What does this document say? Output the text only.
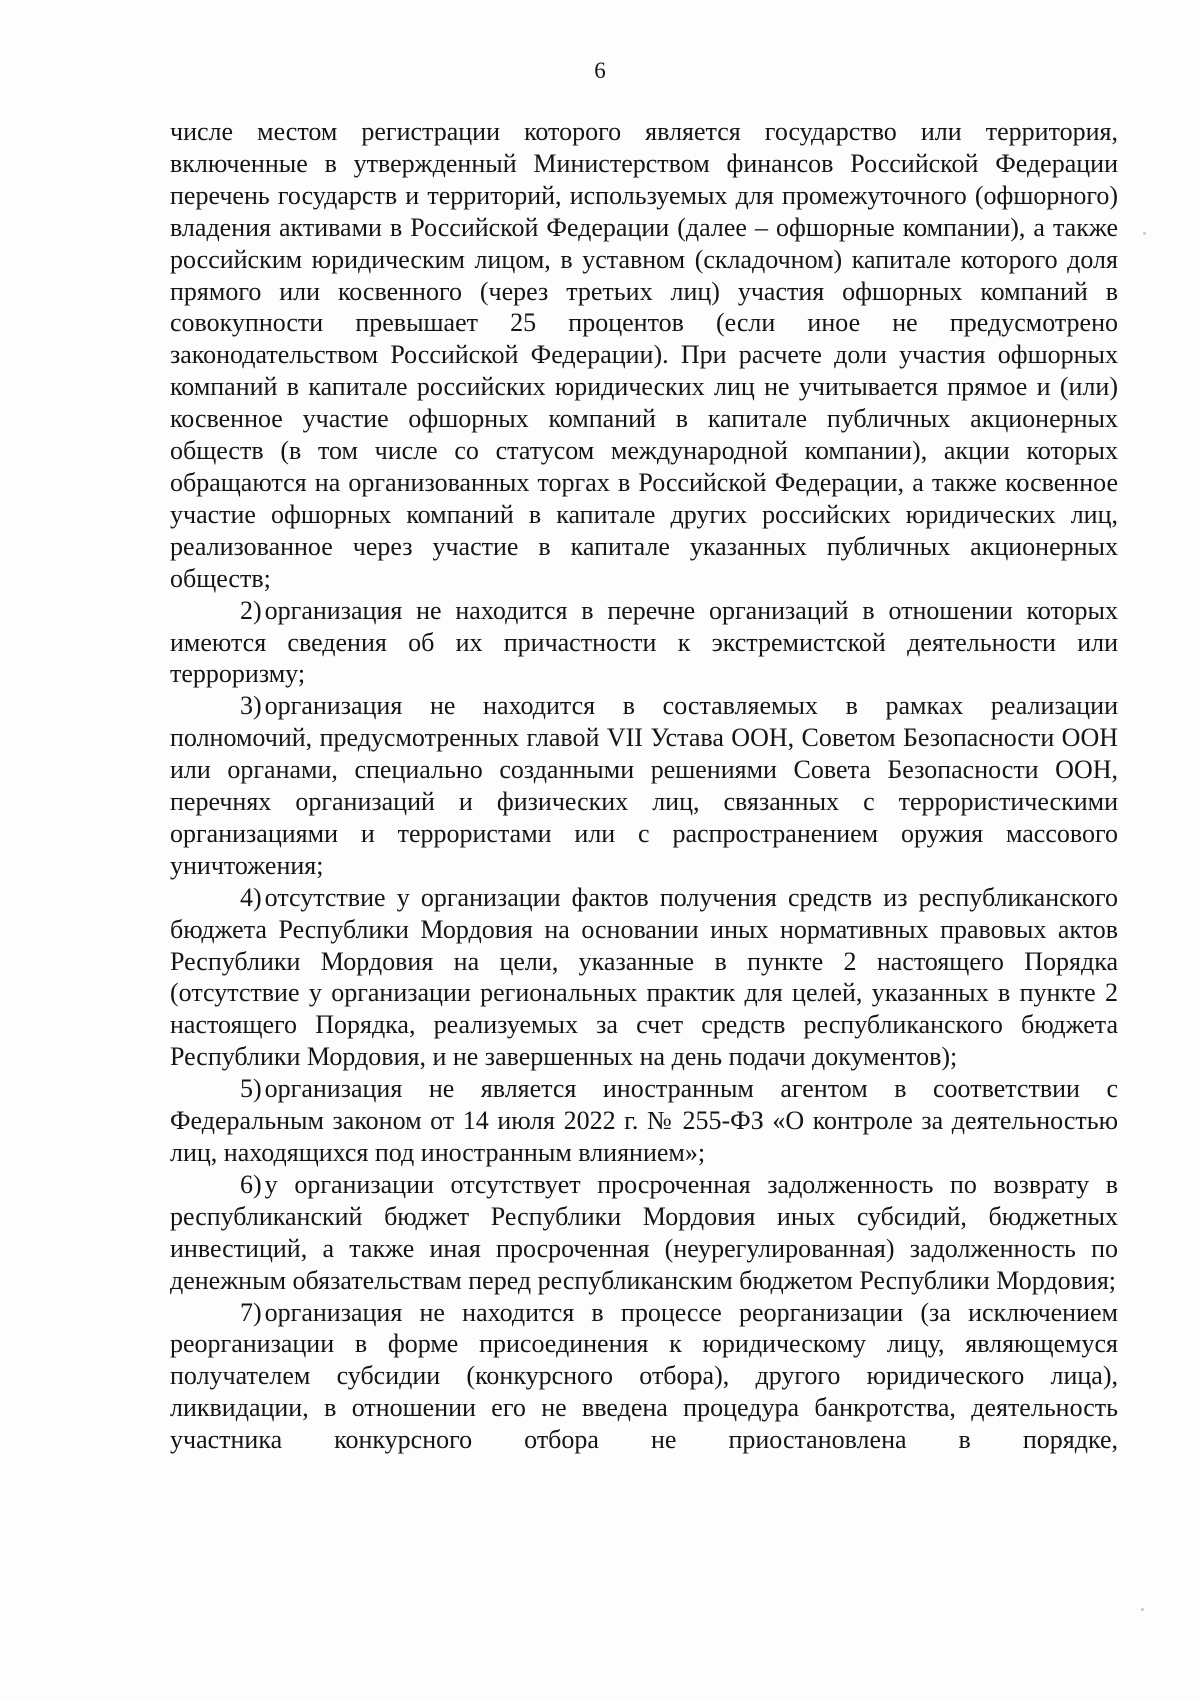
6

числе местом регистрации которого является государство или территория, включенные в утвержденный Министерством финансов Российской Федерации перечень государств и территорий, используемых для промежуточного (офшорного) владения активами в Российской Федерации (далее – офшорные компании), а также российским юридическим лицом, в уставном (складочном) капитале которого доля прямого или косвенного (через третьих лиц) участия офшорных компаний в совокупности превышает 25 процентов (если иное не предусмотрено законодательством Российской Федерации). При расчете доли участия офшорных компаний в капитале российских юридических лиц не учитывается прямое и (или) косвенное участие офшорных компаний в капитале публичных акционерных обществ (в том числе со статусом международной компании), акции которых обращаются на организованных торгах в Российской Федерации, а также косвенное участие офшорных компаний в капитале других российских юридических лиц, реализованное через участие в капитале указанных публичных акционерных обществ;

2) организация не находится в перечне организаций в отношении которых имеются сведения об их причастности к экстремистской деятельности или терроризму;

3) организация не находится в составляемых в рамках реализации полномочий, предусмотренных главой VII Устава ООН, Советом Безопасности ООН или органами, специально созданными решениями Совета Безопасности ООН, перечнях организаций и физических лиц, связанных с террористическими организациями и террористами или с распространением оружия массового уничтожения;

4) отсутствие у организации фактов получения средств из республиканского бюджета Республики Мордовия на основании иных нормативных правовых актов Республики Мордовия на цели, указанные в пункте 2 настоящего Порядка (отсутствие у организации региональных практик для целей, указанных в пункте 2 настоящего Порядка, реализуемых за счет средств республиканского бюджета Республики Мордовия, и не завершенных на день подачи документов);

5) организация не является иностранным агентом в соответствии с Федеральным законом от 14 июля 2022 г. № 255-ФЗ «О контроле за деятельностью лиц, находящихся под иностранным влиянием»;

6) у организации отсутствует просроченная задолженность по возврату в республиканский бюджет Республики Мордовия иных субсидий, бюджетных инвестиций, а также иная просроченная (неурегулированная) задолженность по денежным обязательствам перед республиканским бюджетом Республики Мордовия;

7) организация не находится в процессе реорганизации (за исключением реорганизации в форме присоединения к юридическому лицу, являющемуся получателем субсидии (конкурсного отбора), другого юридического лица), ликвидации, в отношении его не введена процедура банкротства, деятельность участника конкурсного отбора не приостановлена в порядке,
